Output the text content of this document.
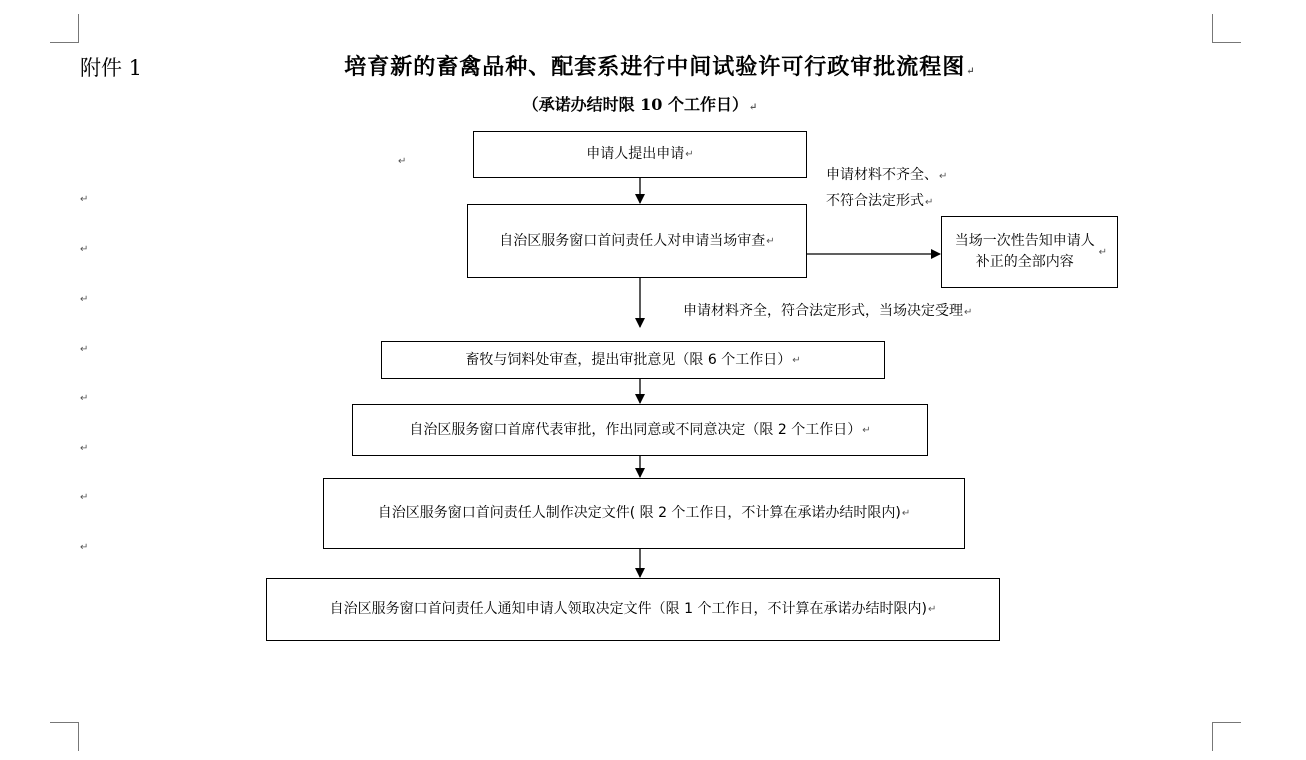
附件 1	培育新的畜禽品种、配套系进行中间试验许可行政审批流程图↵
（承诺办结时限 10 个工作日）↵
↵
↵
↵
↵
↵
↵
↵
↵
↵
申请人提出申请 ↵
自治区服务窗口首问责任人对申请当场审查 ↵	当场一次性告知申请人补正的全部内容
↵
申请材料不齐全、↵
不符合法定形式↵
申请材料齐全，符合法定形式，当场决定受理↵
畜牧与饲料处审查，提出审批意见（限 6 个工作日） ↵
自治区服务窗口首席代表审批，作出同意或不同意决定（限 2 个工作日） ↵
自治区服务窗口首问责任人制作决定文件( 限 2 个工作日，不计算在承诺办结时限内) ↵
自治区服务窗口首问责任人通知申请人领取决定文件（限 1 个工作日，不计算在承诺办结时限内) ↵
